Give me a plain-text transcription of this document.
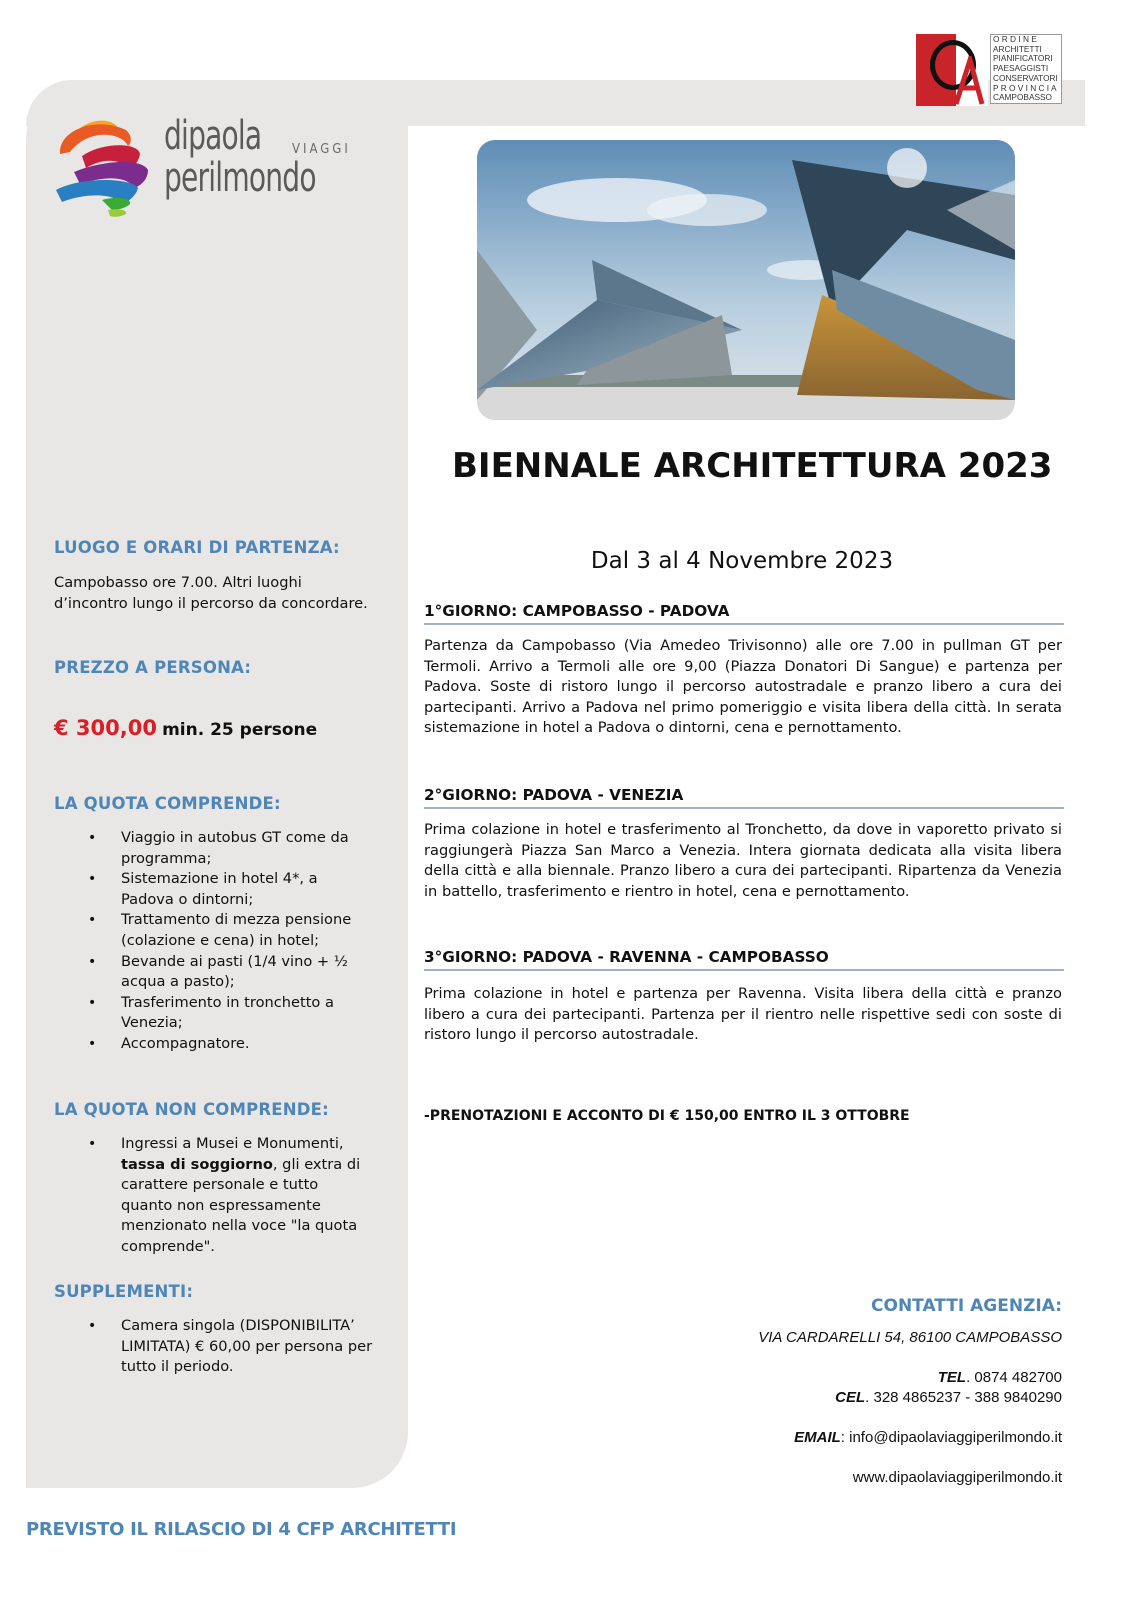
O R D I N E
ARCHITETTI
PIANIFICATORI
PAESAGGISTI
CONSERVATORI
P R O V I N C I A
CAMPOBASSO
dipaola VIAGGI
perilmondo
BIENNALE ARCHITETTURA 2023
LUOGO E ORARI DI PARTENZA:
Campobasso ore 7.00. Altri luoghi d’incontro lungo il percorso da concordare.
PREZZO A PERSONA:
€ 300,00 min. 25 persone
LA QUOTA COMPRENDE:
• Viaggio in autobus GT come da programma;
• Sistemazione in hotel 4*, a Padova o dintorni;
• Trattamento di mezza pensione (colazione e cena) in hotel;
• Bevande ai pasti (1/4 vino + ½ acqua a pasto);
• Trasferimento in tronchetto a Venezia;
• Accompagnatore.
LA QUOTA NON COMPRENDE:
• Ingressi a Musei e Monumenti, tassa di soggiorno, gli extra di carattere personale e tutto quanto non espressamente menzionato nella voce "la quota comprende".
SUPPLEMENTI:
• Camera singola (DISPONIBILITA’ LIMITATA) € 60,00 per persona per tutto il periodo.
Dal 3 al 4 Novembre 2023
1°GIORNO: CAMPOBASSO - PADOVA
Partenza da Campobasso (Via Amedeo Trivisonno) alle ore 7.00 in pullman GT per Termoli. Arrivo a Termoli alle ore 9,00 (Piazza Donatori Di Sangue) e partenza per Padova. Soste di ristoro lungo il percorso autostradale e pranzo libero a cura dei partecipanti. Arrivo a Padova nel primo pomeriggio e visita libera della città. In serata sistemazione in hotel a Padova o dintorni, cena e pernottamento.
2°GIORNO: PADOVA - VENEZIA
Prima colazione in hotel e trasferimento al Tronchetto, da dove in vaporetto privato si raggiungerà Piazza San Marco a Venezia. Intera giornata dedicata alla visita libera della città e alla biennale. Pranzo libero a cura dei partecipanti. Ripartenza da Venezia in battello, trasferimento e rientro in hotel, cena e pernottamento.
3°GIORNO: PADOVA - RAVENNA - CAMPOBASSO
Prima colazione in hotel e partenza per Ravenna. Visita libera della città e pranzo libero a cura dei partecipanti. Partenza per il rientro nelle rispettive sedi con soste di ristoro lungo il percorso autostradale.
-PRENOTAZIONI E ACCONTO DI € 150,00 ENTRO IL 3 OTTOBRE
CONTATTI AGENZIA:
VIA CARDARELLI 54, 86100 CAMPOBASSO
TEL. 0874 482700
CEL. 328 4865237 - 388 9840290
EMAIL: info@dipaolaviaggiperilmondo.it
www.dipaolaviaggiperilmondo.it
PREVISTO IL RILASCIO DI 4 CFP ARCHITETTI
